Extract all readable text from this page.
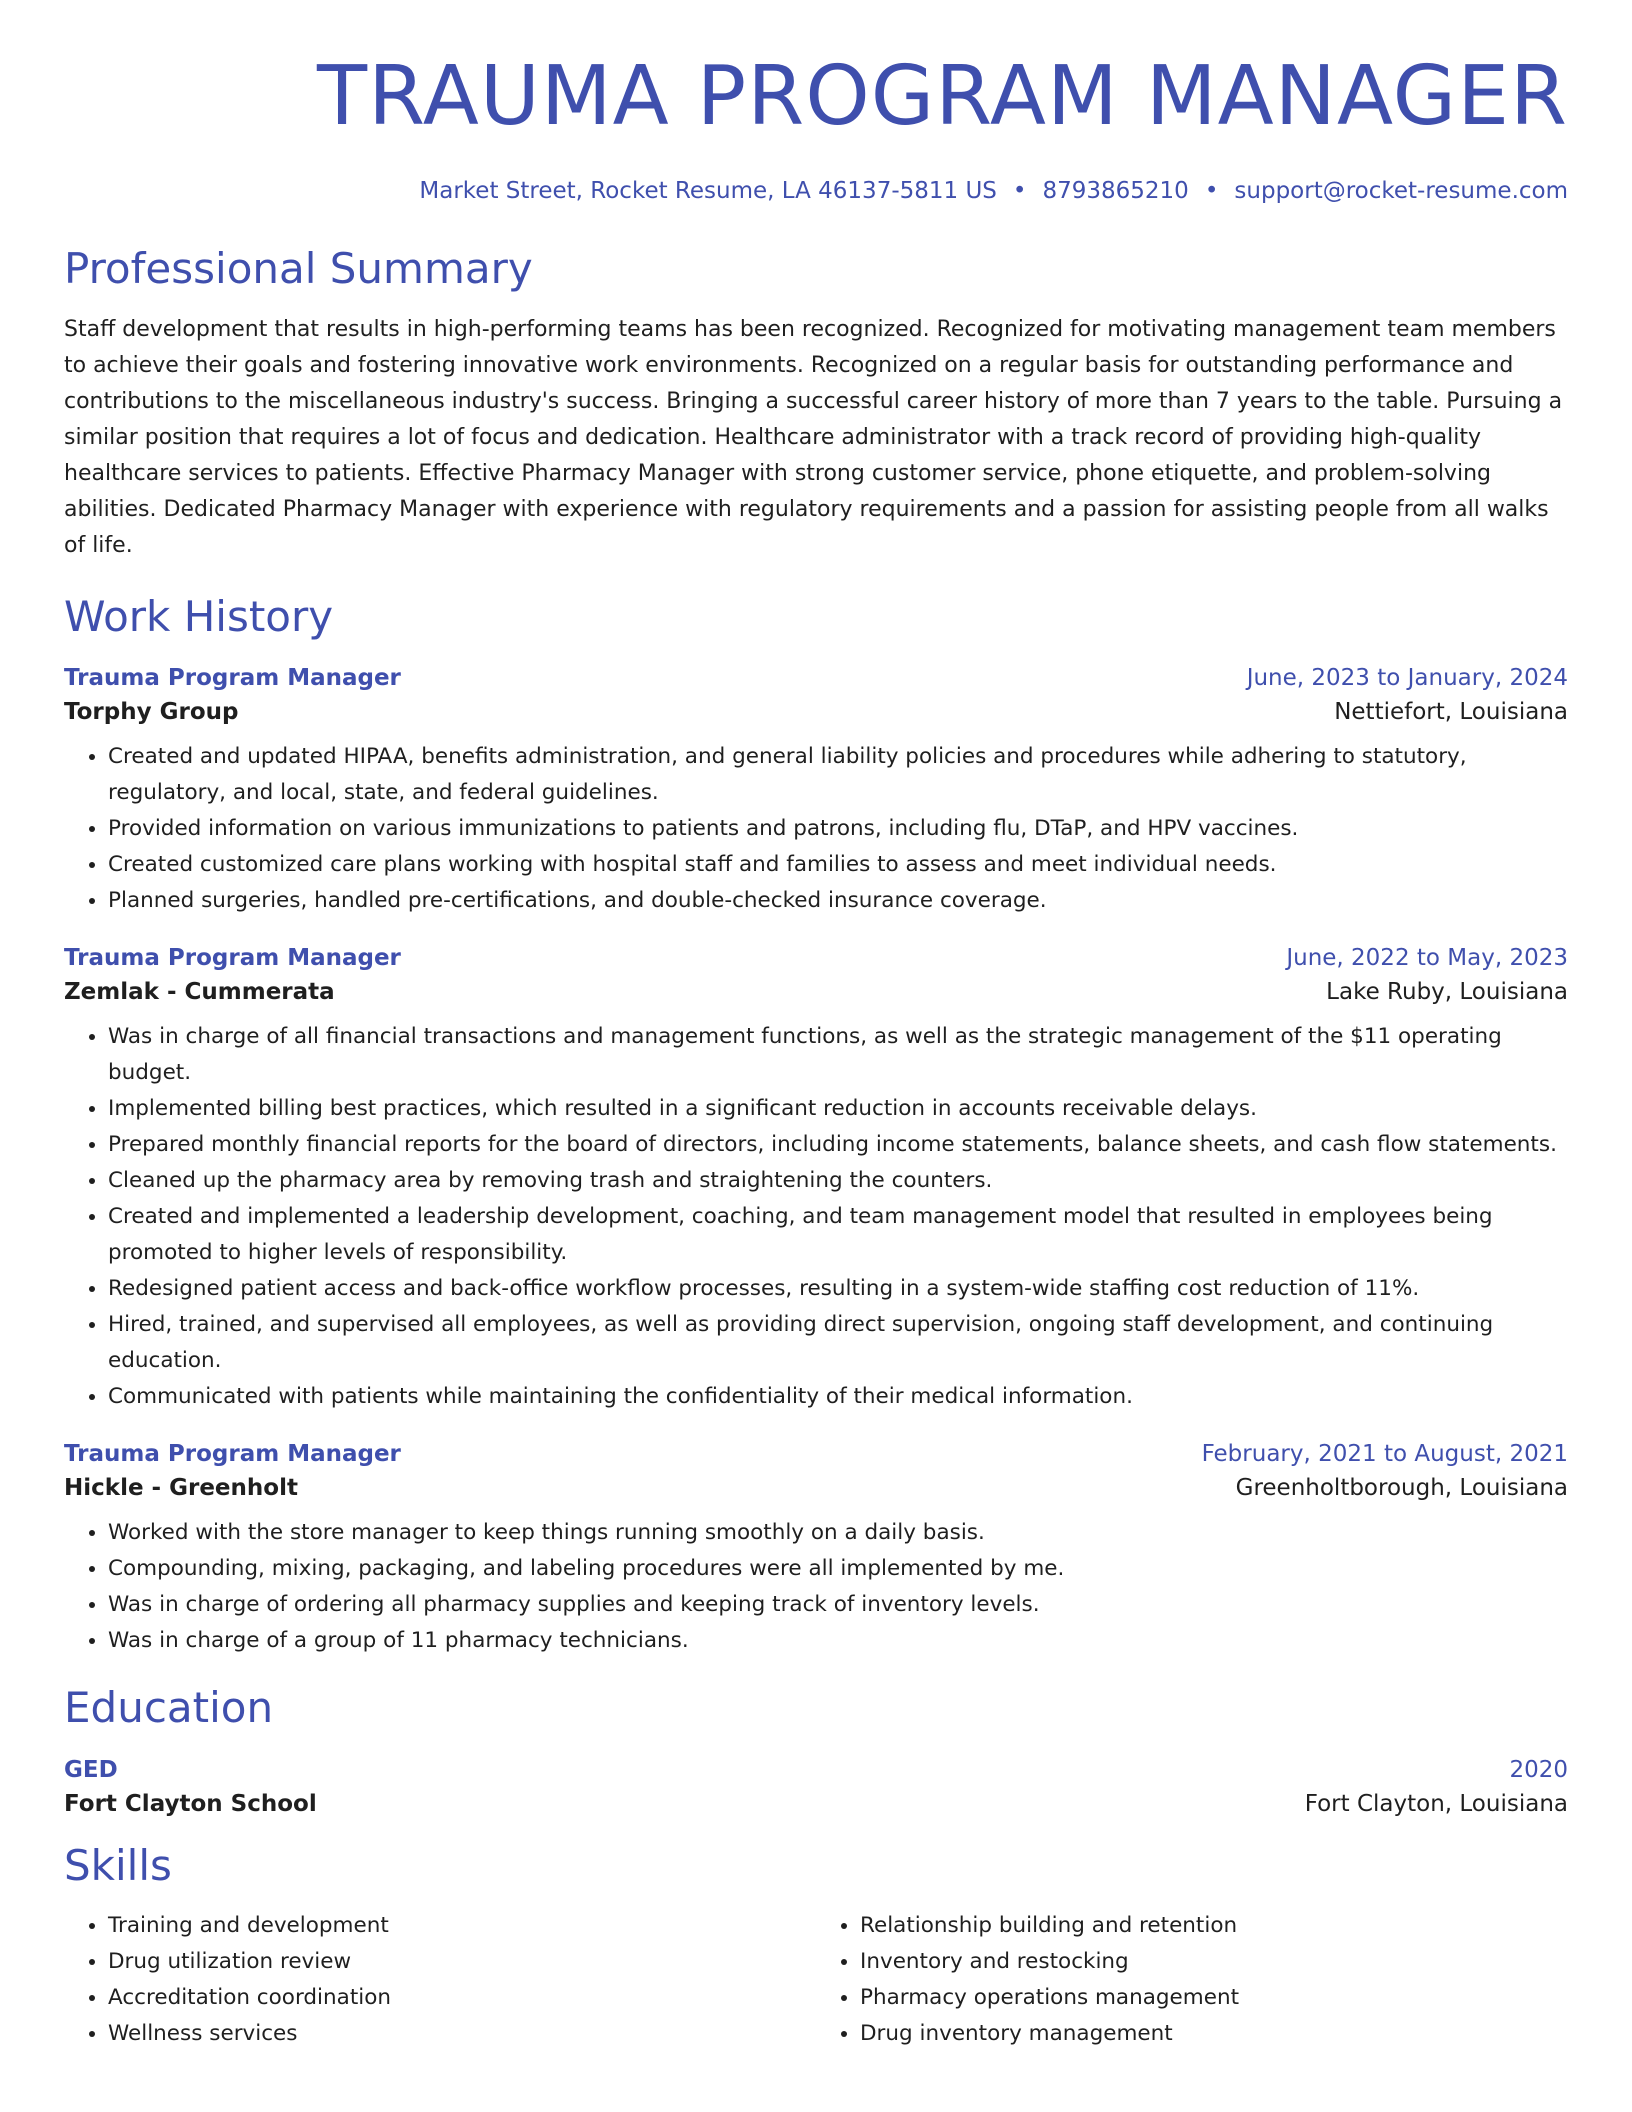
TRAUMA PROGRAM MANAGER
Market Street, Rocket Resume, LA 46137-5811 US • 8793865210 • support@rocket-resume.com
Professional Summary

Staff development that results in high-performing teams has been recognized. Recognized for motivating management team members to achieve their goals and fostering innovative work environments. Recognized on a regular basis for outstanding performance and contributions to the miscellaneous industry's success. Bringing a successful career history of more than 7 years to the table. Pursuing a similar position that requires a lot of focus and dedication. Healthcare administrator with a track record of providing high-quality healthcare services to patients. Effective Pharmacy Manager with strong customer service, phone etiquette, and problem-solving abilities. Dedicated Pharmacy Manager with experience with regulatory requirements and a passion for assisting people from all walks of life.

Work History
Trauma Program Manager	June, 2023 to January, 2024
Torphy Group	Nettiefort, Louisiana
• Created and updated HIPAA, benefits administration, and general liability policies and procedures while adhering to statutory, regulatory, and local, state, and federal guidelines.
• Provided information on various immunizations to patients and patrons, including flu, DTaP, and HPV vaccines.
• Created customized care plans working with hospital staff and families to assess and meet individual needs.
• Planned surgeries, handled pre-certifications, and double-checked insurance coverage.
Trauma Program Manager	June, 2022 to May, 2023
Zemlak - Cummerata	Lake Ruby, Louisiana
• Was in charge of all financial transactions and management functions, as well as the strategic management of the $11 operating budget.
• Implemented billing best practices, which resulted in a significant reduction in accounts receivable delays.
• Prepared monthly financial reports for the board of directors, including income statements, balance sheets, and cash flow statements.
• Cleaned up the pharmacy area by removing trash and straightening the counters.
• Created and implemented a leadership development, coaching, and team management model that resulted in employees being promoted to higher levels of responsibility.
• Redesigned patient access and back-office workflow processes, resulting in a system-wide staffing cost reduction of 11%.
• Hired, trained, and supervised all employees, as well as providing direct supervision, ongoing staff development, and continuing education.
• Communicated with patients while maintaining the confidentiality of their medical information.
Trauma Program Manager	February, 2021 to August, 2021
Hickle - Greenholt	Greenholtborough, Louisiana
• Worked with the store manager to keep things running smoothly on a daily basis.
• Compounding, mixing, packaging, and labeling procedures were all implemented by me.
• Was in charge of ordering all pharmacy supplies and keeping track of inventory levels.
• Was in charge of a group of 11 pharmacy technicians.
Education
GED	2020
Fort Clayton School	Fort Clayton, Louisiana
Skills
• Training and development
• Drug utilization review
• Accreditation coordination
• Wellness services
• Relationship building and retention
• Inventory and restocking
• Pharmacy operations management
• Drug inventory management
